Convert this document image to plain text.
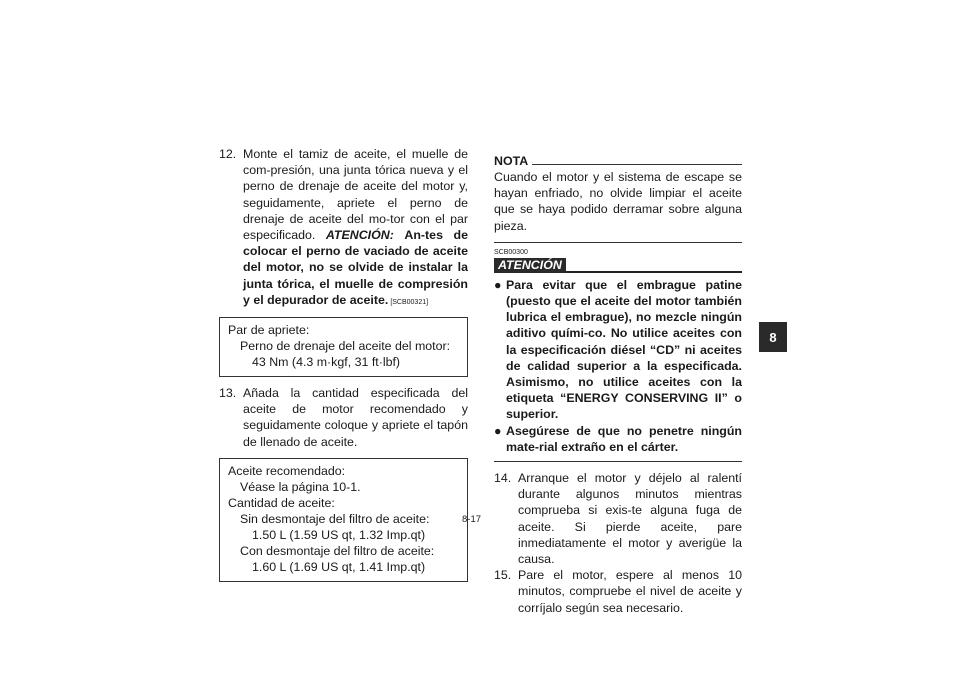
12. Monte el tamiz de aceite, el muelle de com-presión, una junta tórica nueva y el perno de drenaje de aceite del motor y, seguidamente, apriete el perno de drenaje de aceite del mo-tor con el par especificado. ATENCIÓN: An-tes de colocar el perno de vaciado de aceite del motor, no se olvide de instalar la junta tórica, el muelle de compresión y el depurador de aceite. [SCB00321]
Par de apriete:
Perno de drenaje del aceite del motor:
43 Nm (4.3 m·kgf, 31 ft·lbf)
13. Añada la cantidad especificada del aceite de motor recomendado y seguidamente coloque y apriete el tapón de llenado de aceite.
Aceite recomendado:
Véase la página 10-1.
Cantidad de aceite:
Sin desmontaje del filtro de aceite:
1.50 L (1.59 US qt, 1.32 Imp.qt)
Con desmontaje del filtro de aceite:
1.60 L (1.69 US qt, 1.41 Imp.qt)
NOTA
Cuando el motor y el sistema de escape se hayan enfriado, no olvide limpiar el aceite que se haya podido derramar sobre alguna pieza.
SCB00300
ATENCIÓN
● Para evitar que el embrague patine (puesto que el aceite del motor también lubrica el embrague), no mezcle ningún aditivo quími-co. No utilice aceites con la especificación diésel “CD” ni aceites de calidad superior a la especificada. Asimismo, no utilice aceites con la etiqueta “ENERGY CONSERVING II” o superior.
● Asegúrese de que no penetre ningún mate-rial extraño en el cárter.
14. Arranque el motor y déjelo al ralentí durante algunos minutos mientras comprueba si exis-te alguna fuga de aceite. Si pierde aceite, pare inmediatamente el motor y averigüe la causa.
15. Pare el motor, espere al menos 10 minutos, compruebe el nivel de aceite y corríjalo según sea necesario.
8
8-17
